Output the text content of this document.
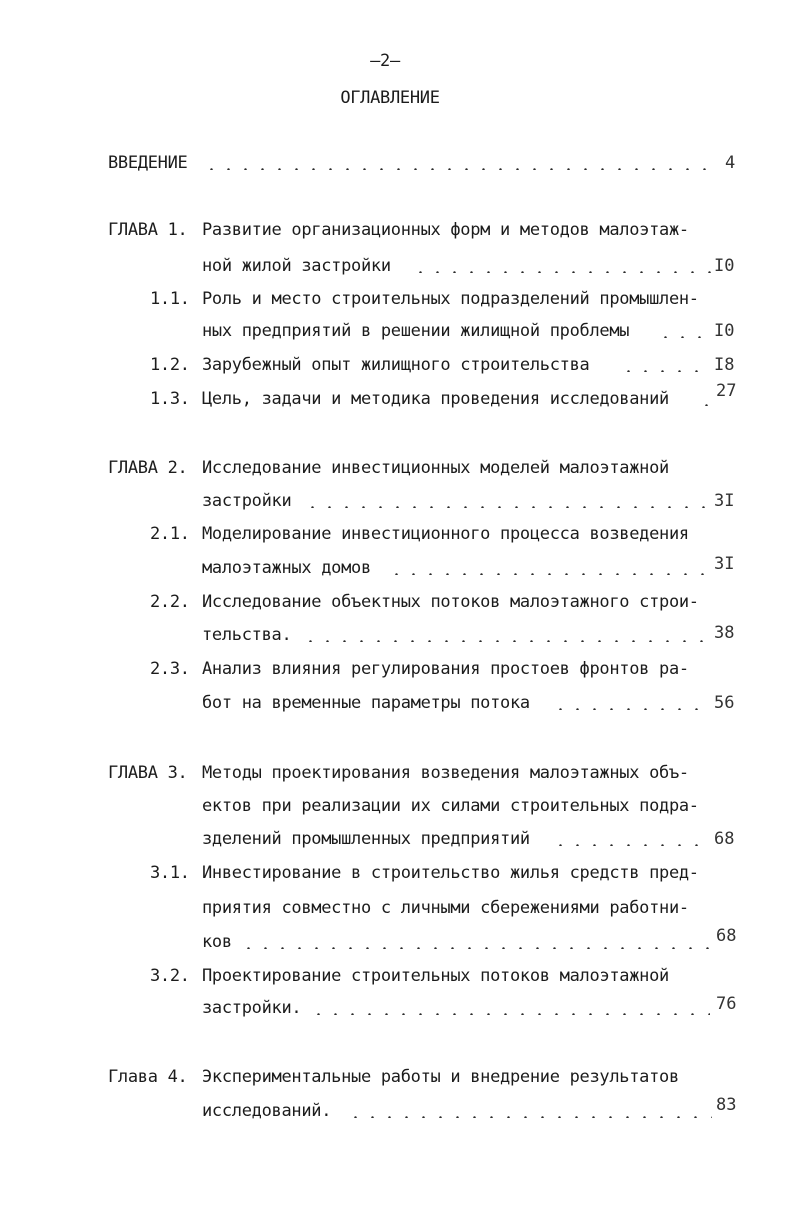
–2–
ОГЛАВЛЕНИЕ
ВВЕДЕНИЕ	4
ГЛАВА 1. Развитие организационных форм и методов малоэтаж-
ной жилой застройки	I0
1.1. Роль и место строительных подразделений промышлен-
ных предприятий в решении жилищной проблемы	I0
1.2. Зарубежный опыт жилищного строительства	I8
1.3. Цель, задачи и методика проведения исследований	27
ГЛАВА 2. Исследование инвестиционных моделей малоэтажной
застройки	3I
2.1. Моделирование инвестиционного процесса возведения
малоэтажных домов	3I
2.2. Исследование объектных потоков малоэтажного строи-
тельства.	38
2.3. Анализ влияния регулирования простоев фронтов ра-
бот на временные параметры потока	56
ГЛАВА 3. Методы проектирования возведения малоэтажных объ-
ектов при реализации их силами строительных подра-
зделений промышленных предприятий	68
3.1. Инвестирование в строительство жилья средств пред-
приятия совместно с личными сбережениями работни-
ков	68
3.2. Проектирование строительных потоков малоэтажной
застройки.	76
Глава 4. Экспериментальные работы и внедрение результатов
исследований.	83
